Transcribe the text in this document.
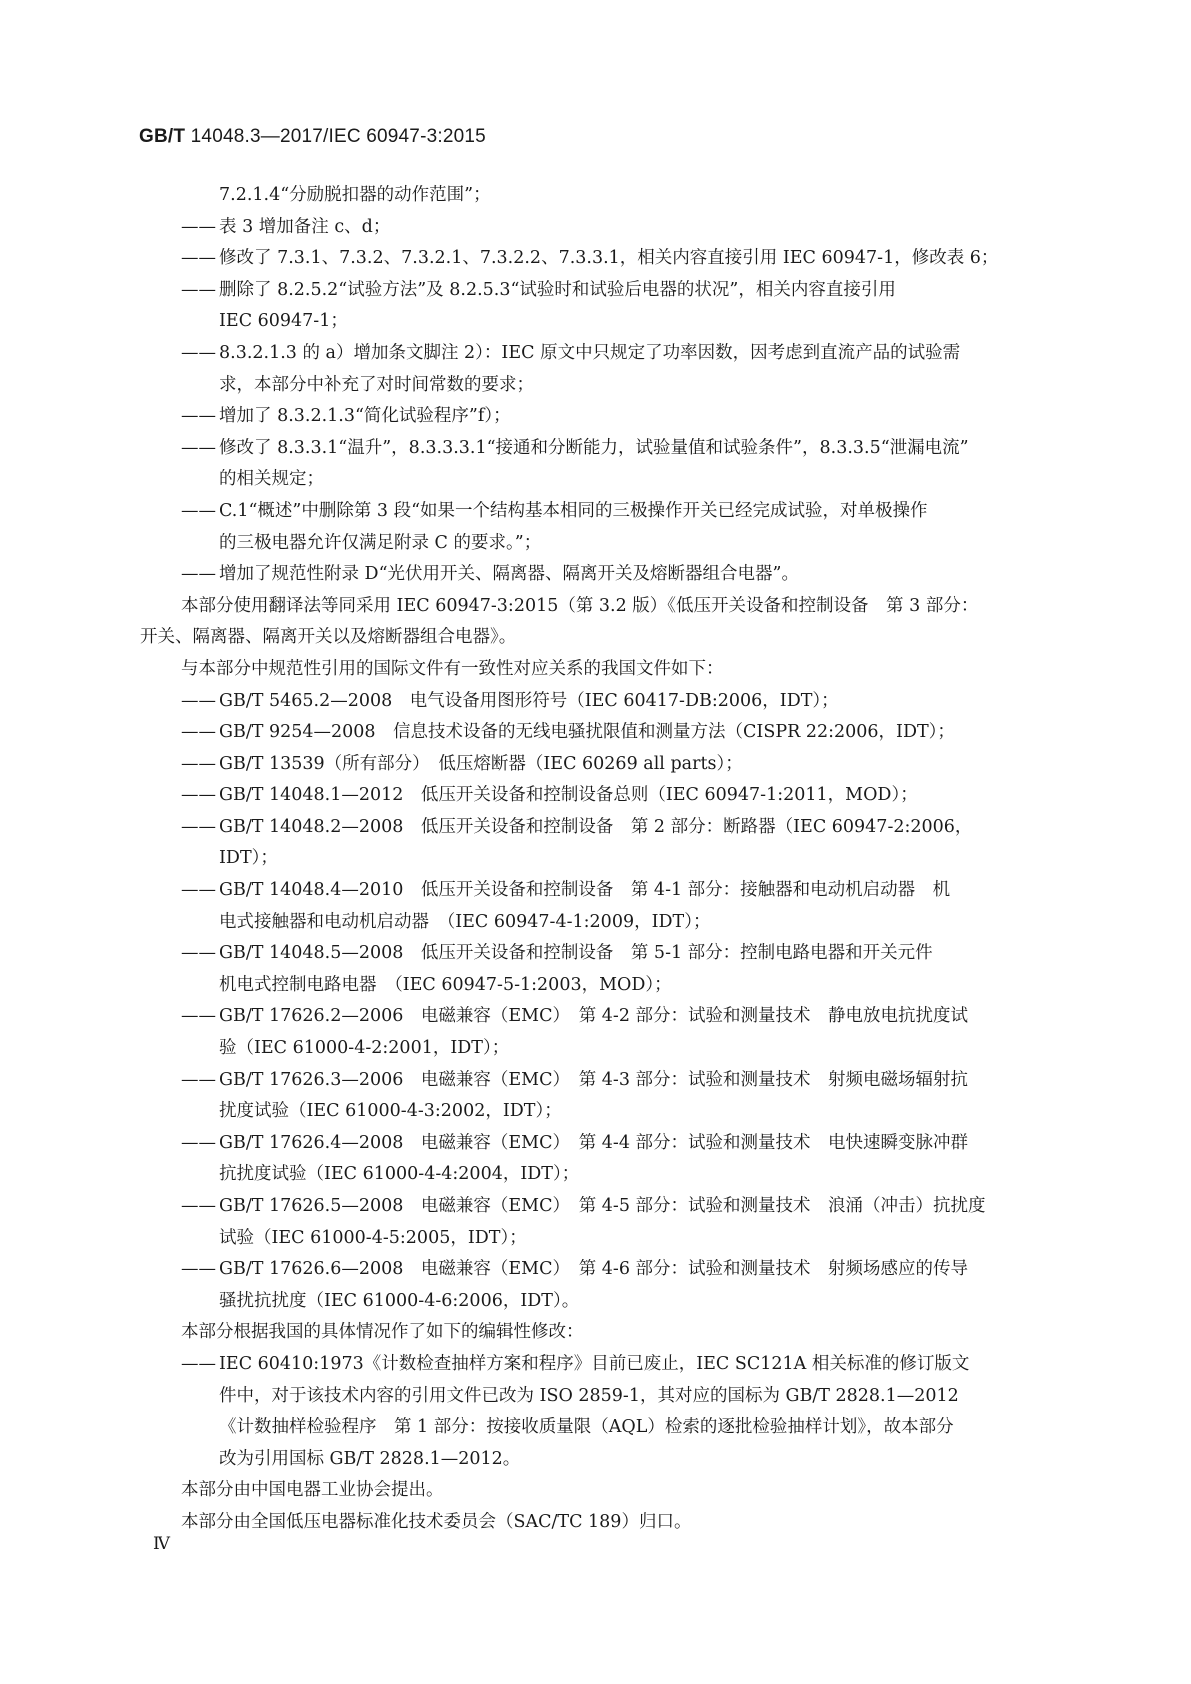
GB/T 14048.3—2017/IEC 60947-3:2015

7.2.1.4“分励脱扣器的动作范围”；

—— 表 3 增加备注 c、d；

—— 修改了 7.3.1、7.3.2、7.3.2.1、7.3.2.2、7.3.3.1，相关内容直接引用 IEC 60947-1，修改表 6；

—— 删除了 8.2.5.2“试验方法”及 8.2.5.3“试验时和试验后电器的状况”，相关内容直接引用

IEC 60947-1；

—— 8.3.2.1.3 的 a）增加条文脚注 2）：IEC 原文中只规定了功率因数，因考虑到直流产品的试验需

求，本部分中补充了对时间常数的要求；

—— 增加了 8.3.2.1.3“简化试验程序”f）；

—— 修改了 8.3.3.1“温升”，8.3.3.3.1“接通和分断能力，试验量值和试验条件”，8.3.3.5“泄漏电流”

的相关规定；

—— C.1“概述”中删除第 3 段“如果一个结构基本相同的三极操作开关已经完成试验，对单极操作

的三极电器允许仅满足附录 C 的要求。”；

—— 增加了规范性附录 D“光伏用开关、隔离器、隔离开关及熔断器组合电器”。

本部分使用翻译法等同采用 IEC 60947-3:2015（第 3.2 版）《低压开关设备和控制设备　第 3 部分：

开关、隔离器、隔离开关以及熔断器组合电器》。

与本部分中规范性引用的国际文件有一致性对应关系的我国文件如下：

—— GB/T 5465.2—2008　电气设备用图形符号（IEC 60417-DB:2006，IDT）；

—— GB/T 9254—2008　信息技术设备的无线电骚扰限值和测量方法（CISPR 22:2006，IDT）；

—— GB/T 13539（所有部分）　低压熔断器（IEC 60269 all parts）；

—— GB/T 14048.1—2012　低压开关设备和控制设备总则（IEC 60947-1:2011，MOD）；

—— GB/T 14048.2—2008　低压开关设备和控制设备　第 2 部分：断路器（IEC 60947-2:2006，

IDT）；

—— GB/T 14048.4—2010　低压开关设备和控制设备　第 4-1 部分：接触器和电动机启动器　机

电式接触器和电动机启动器　（IEC 60947-4-1:2009，IDT）；

—— GB/T 14048.5—2008　低压开关设备和控制设备　第 5-1 部分：控制电路电器和开关元件

机电式控制电路电器　（IEC 60947-5-1:2003，MOD）；

—— GB/T 17626.2—2006　电磁兼容（EMC）　第 4-2 部分：试验和测量技术　静电放电抗扰度试

验（IEC 61000-4-2:2001，IDT）；

—— GB/T 17626.3—2006　电磁兼容（EMC）　第 4-3 部分：试验和测量技术　射频电磁场辐射抗

扰度试验（IEC 61000-4-3:2002，IDT）；

—— GB/T 17626.4—2008　电磁兼容（EMC）　第 4-4 部分：试验和测量技术　电快速瞬变脉冲群

抗扰度试验（IEC 61000-4-4:2004，IDT）；

—— GB/T 17626.5—2008　电磁兼容（EMC）　第 4-5 部分：试验和测量技术　浪涌（冲击）抗扰度

试验（IEC 61000-4-5:2005，IDT）；

—— GB/T 17626.6—2008　电磁兼容（EMC）　第 4-6 部分：试验和测量技术　射频场感应的传导

骚扰抗扰度（IEC 61000-4-6:2006，IDT）。

本部分根据我国的具体情况作了如下的编辑性修改：

—— IEC 60410:1973《计数检查抽样方案和程序》目前已废止，IEC SC121A 相关标准的修订版文

件中，对于该技术内容的引用文件已改为 ISO 2859-1，其对应的国标为 GB/T 2828.1—2012

《计数抽样检验程序　第 1 部分：按接收质量限（AQL）检索的逐批检验抽样计划》，故本部分

改为引用国标 GB/T 2828.1—2012。

本部分由中国电器工业协会提出。

本部分由全国低压电器标准化技术委员会（SAC/TC 189）归口。

Ⅳ
